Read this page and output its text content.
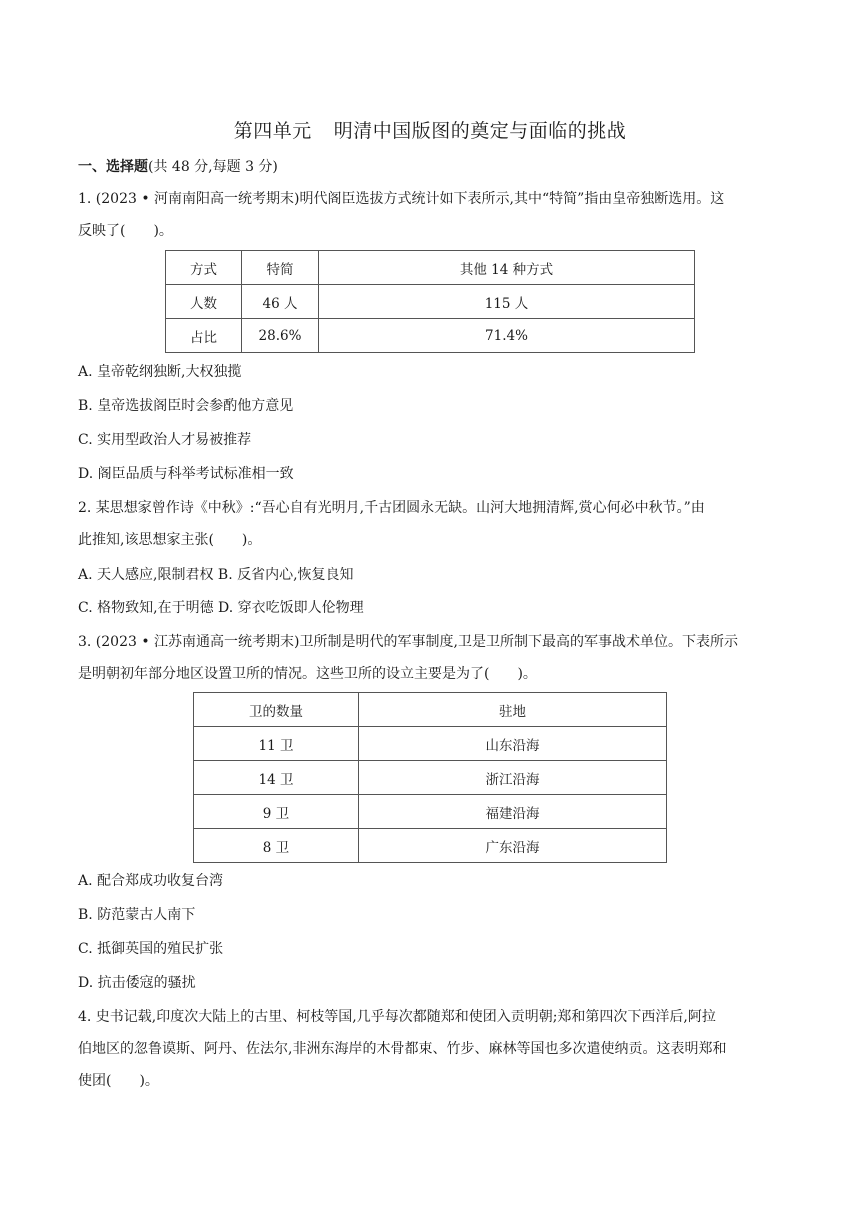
第四单元 明清中国版图的奠定与面临的挑战
一、选择题(共 48 分,每题 3 分)
1. (2023 • 河南南阳高一统考期末)明代阁臣选拔方式统计如下表所示,其中“特简”指由皇帝独断选用。这
反映了(　　)。
方式	特简	其他 14 种方式
人数	46 人	115 人
占比	28.6%	71.4%
A. 皇帝乾纲独断,大权独揽
B. 皇帝选拔阁臣时会参酌他方意见
C. 实用型政治人才易被推荐
D. 阁臣品质与科举考试标准相一致
2. 某思想家曾作诗《中秋》:“吾心自有光明月,千古团圆永无缺。山河大地拥清辉,赏心何必中秋节。”由
此推知,该思想家主张(　　)。
A. 天人感应,限制君权 B. 反省内心,恢复良知
C. 格物致知,在于明德 D. 穿衣吃饭即人伦物理
3. (2023 • 江苏南通高一统考期末)卫所制是明代的军事制度,卫是卫所制下最高的军事战术单位。下表所示
是明朝初年部分地区设置卫所的情况。这些卫所的设立主要是为了(　　)。
卫的数量	驻地
11 卫	山东沿海
14 卫	浙江沿海
9 卫	福建沿海
8 卫	广东沿海
A. 配合郑成功收复台湾
B. 防范蒙古人南下
C. 抵御英国的殖民扩张
D. 抗击倭寇的骚扰
4. 史书记载,印度次大陆上的古里、柯枝等国,几乎每次都随郑和使团入贡明朝;郑和第四次下西洋后,阿拉
伯地区的忽鲁谟斯、阿丹、佐法尔,非洲东海岸的木骨都束、竹步、麻林等国也多次遣使纳贡。这表明郑和
使团(　　)。
